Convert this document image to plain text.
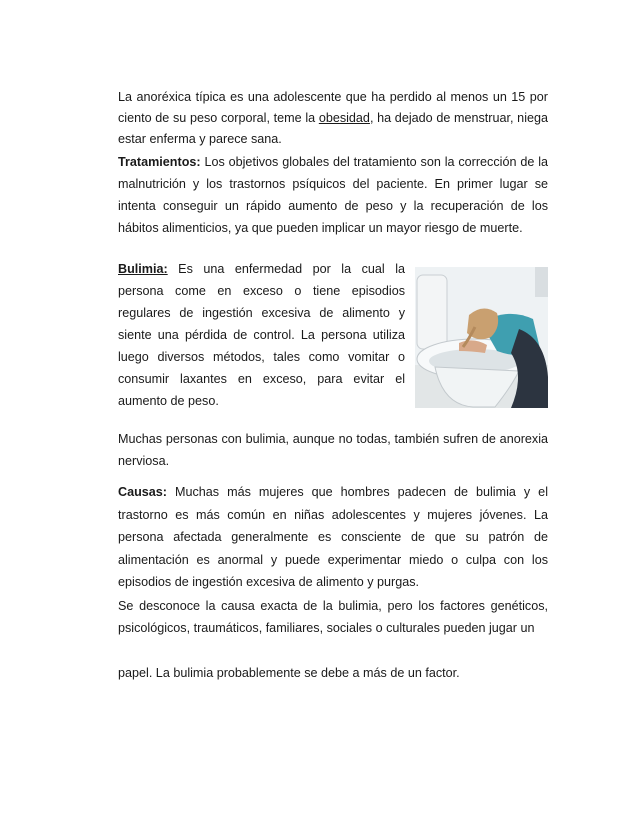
La anoréxica típica es una adolescente que ha perdido al menos un 15 por ciento de su peso corporal, teme la obesidad, ha dejado de menstruar, niega estar enferma y parece sana.

Tratamientos: Los objetivos globales del tratamiento son la corrección de la malnutrición y los trastornos psíquicos del paciente. En primer lugar se intenta conseguir un rápido aumento de peso y la recuperación de los hábitos alimenticios, ya que pueden implicar un mayor riesgo de muerte.

Bulimia: Es una enfermedad por la cual la persona come en exceso o tiene episodios regulares de ingestión excesiva de alimento y siente una pérdida de control. La persona utiliza luego diversos métodos, tales como vomitar o consumir laxantes en exceso, para evitar el aumento de peso.

Muchas personas con bulimia, aunque no todas, también sufren de anorexia nerviosa.

Causas: Muchas más mujeres que hombres padecen de bulimia y el trastorno es más común en niñas adolescentes y mujeres jóvenes. La persona afectada generalmente es consciente de que su patrón de alimentación es anormal y puede experimentar miedo o culpa con los episodios de ingestión excesiva de alimento y purgas.

Se desconoce la causa exacta de la bulimia, pero los factores genéticos, psicológicos, traumáticos, familiares, sociales o culturales pueden jugar un

papel. La bulimia probablemente se debe a más de un factor.
